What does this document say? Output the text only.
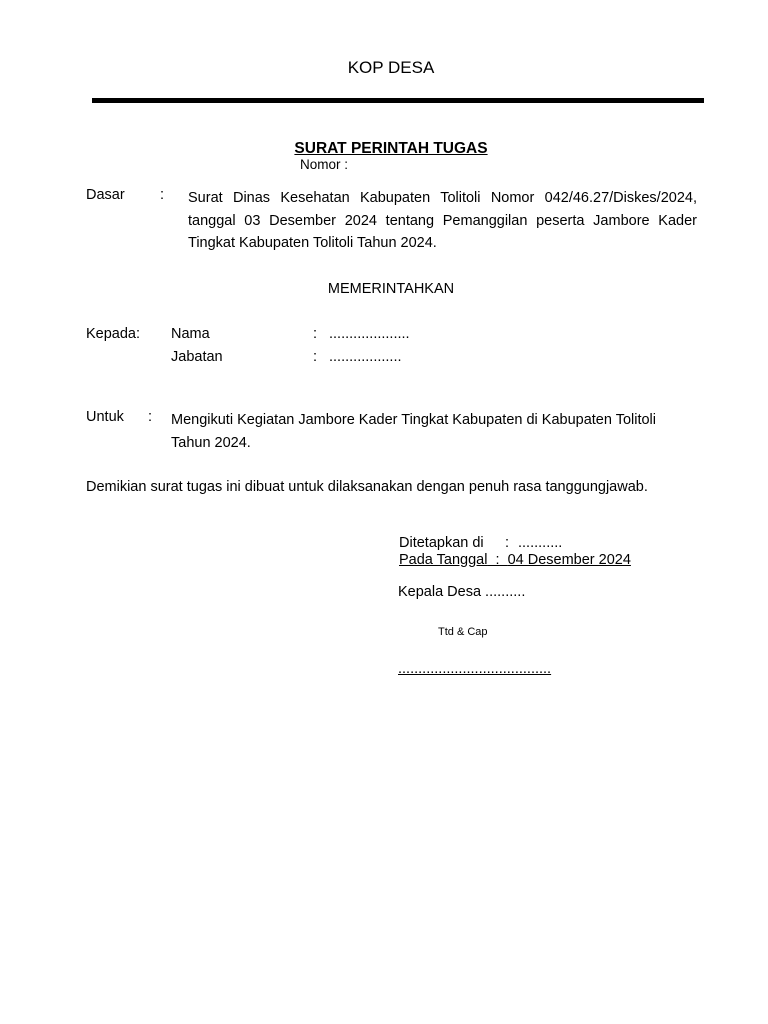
KOP DESA
SURAT PERINTAH TUGAS
Nomor :
Dasar : Surat Dinas Kesehatan Kabupaten Tolitoli Nomor 042/46.27/Diskes/2024,
tanggal 03 Desember 2024 tentang Pemanggilan peserta Jambore Kader
Tingkat Kabupaten Tolitoli Tahun 2024.
MEMERINTAHKAN
Kepada: Nama	: ....................
Jabatan	: ..................
Untuk : Mengikuti Kegiatan Jambore Kader Tingkat Kabupaten di Kabupaten Tolitoli
Tahun 2024.
Demikian surat tugas ini dibuat untuk dilaksanakan dengan penuh rasa tanggungjawab.
Ditetapkan di : ...........
Pada Tanggal : 04 Desember 2024
Kepala Desa ..........
Ttd & Cap
......................................
